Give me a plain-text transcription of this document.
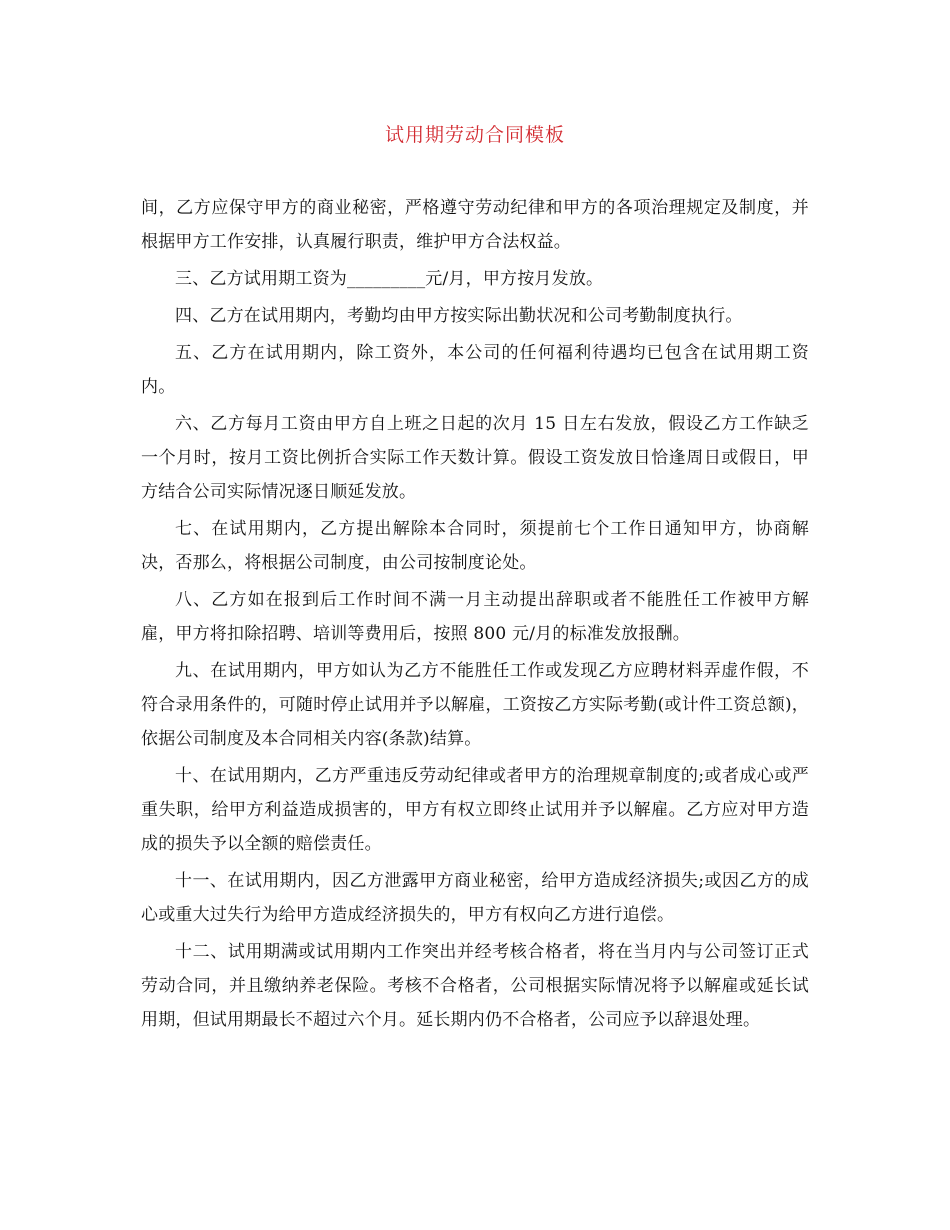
试用期劳动合同模板

间，乙方应保守甲方的商业秘密，严格遵守劳动纪律和甲方的各项治理规定及制度，并根据甲方工作安排，认真履行职责，维护甲方合法权益。

三、乙方试用期工资为_________元/月，甲方按月发放。

四、乙方在试用期内，考勤均由甲方按实际出勤状况和公司考勤制度执行。

五、乙方在试用期内，除工资外，本公司的任何福利待遇均已包含在试用期工资内。

六、乙方每月工资由甲方自上班之日起的次月 15 日左右发放，假设乙方工作缺乏一个月时，按月工资比例折合实际工作天数计算。假设工资发放日恰逢周日或假日，甲方结合公司实际情况逐日顺延发放。

七、在试用期内，乙方提出解除本合同时，须提前七个工作日通知甲方，协商解决，否那么，将根据公司制度，由公司按制度论处。

八、乙方如在报到后工作时间不满一月主动提出辞职或者不能胜任工作被甲方解雇，甲方将扣除招聘、培训等费用后，按照 800 元/月的标准发放报酬。

九、在试用期内，甲方如认为乙方不能胜任工作或发现乙方应聘材料弄虚作假，不符合录用条件的，可随时停止试用并予以解雇，工资按乙方实际考勤(或计件工资总额)，依据公司制度及本合同相关内容(条款)结算。

十、在试用期内，乙方严重违反劳动纪律或者甲方的治理规章制度的;或者成心或严重失职，给甲方利益造成损害的，甲方有权立即终止试用并予以解雇。乙方应对甲方造成的损失予以全额的赔偿责任。

十一、在试用期内，因乙方泄露甲方商业秘密，给甲方造成经济损失;或因乙方的成心或重大过失行为给甲方造成经济损失的，甲方有权向乙方进行追偿。

十二、试用期满或试用期内工作突出并经考核合格者，将在当月内与公司签订正式劳动合同，并且缴纳养老保险。考核不合格者，公司根据实际情况将予以解雇或延长试用期，但试用期最长不超过六个月。延长期内仍不合格者，公司应予以辞退处理。
